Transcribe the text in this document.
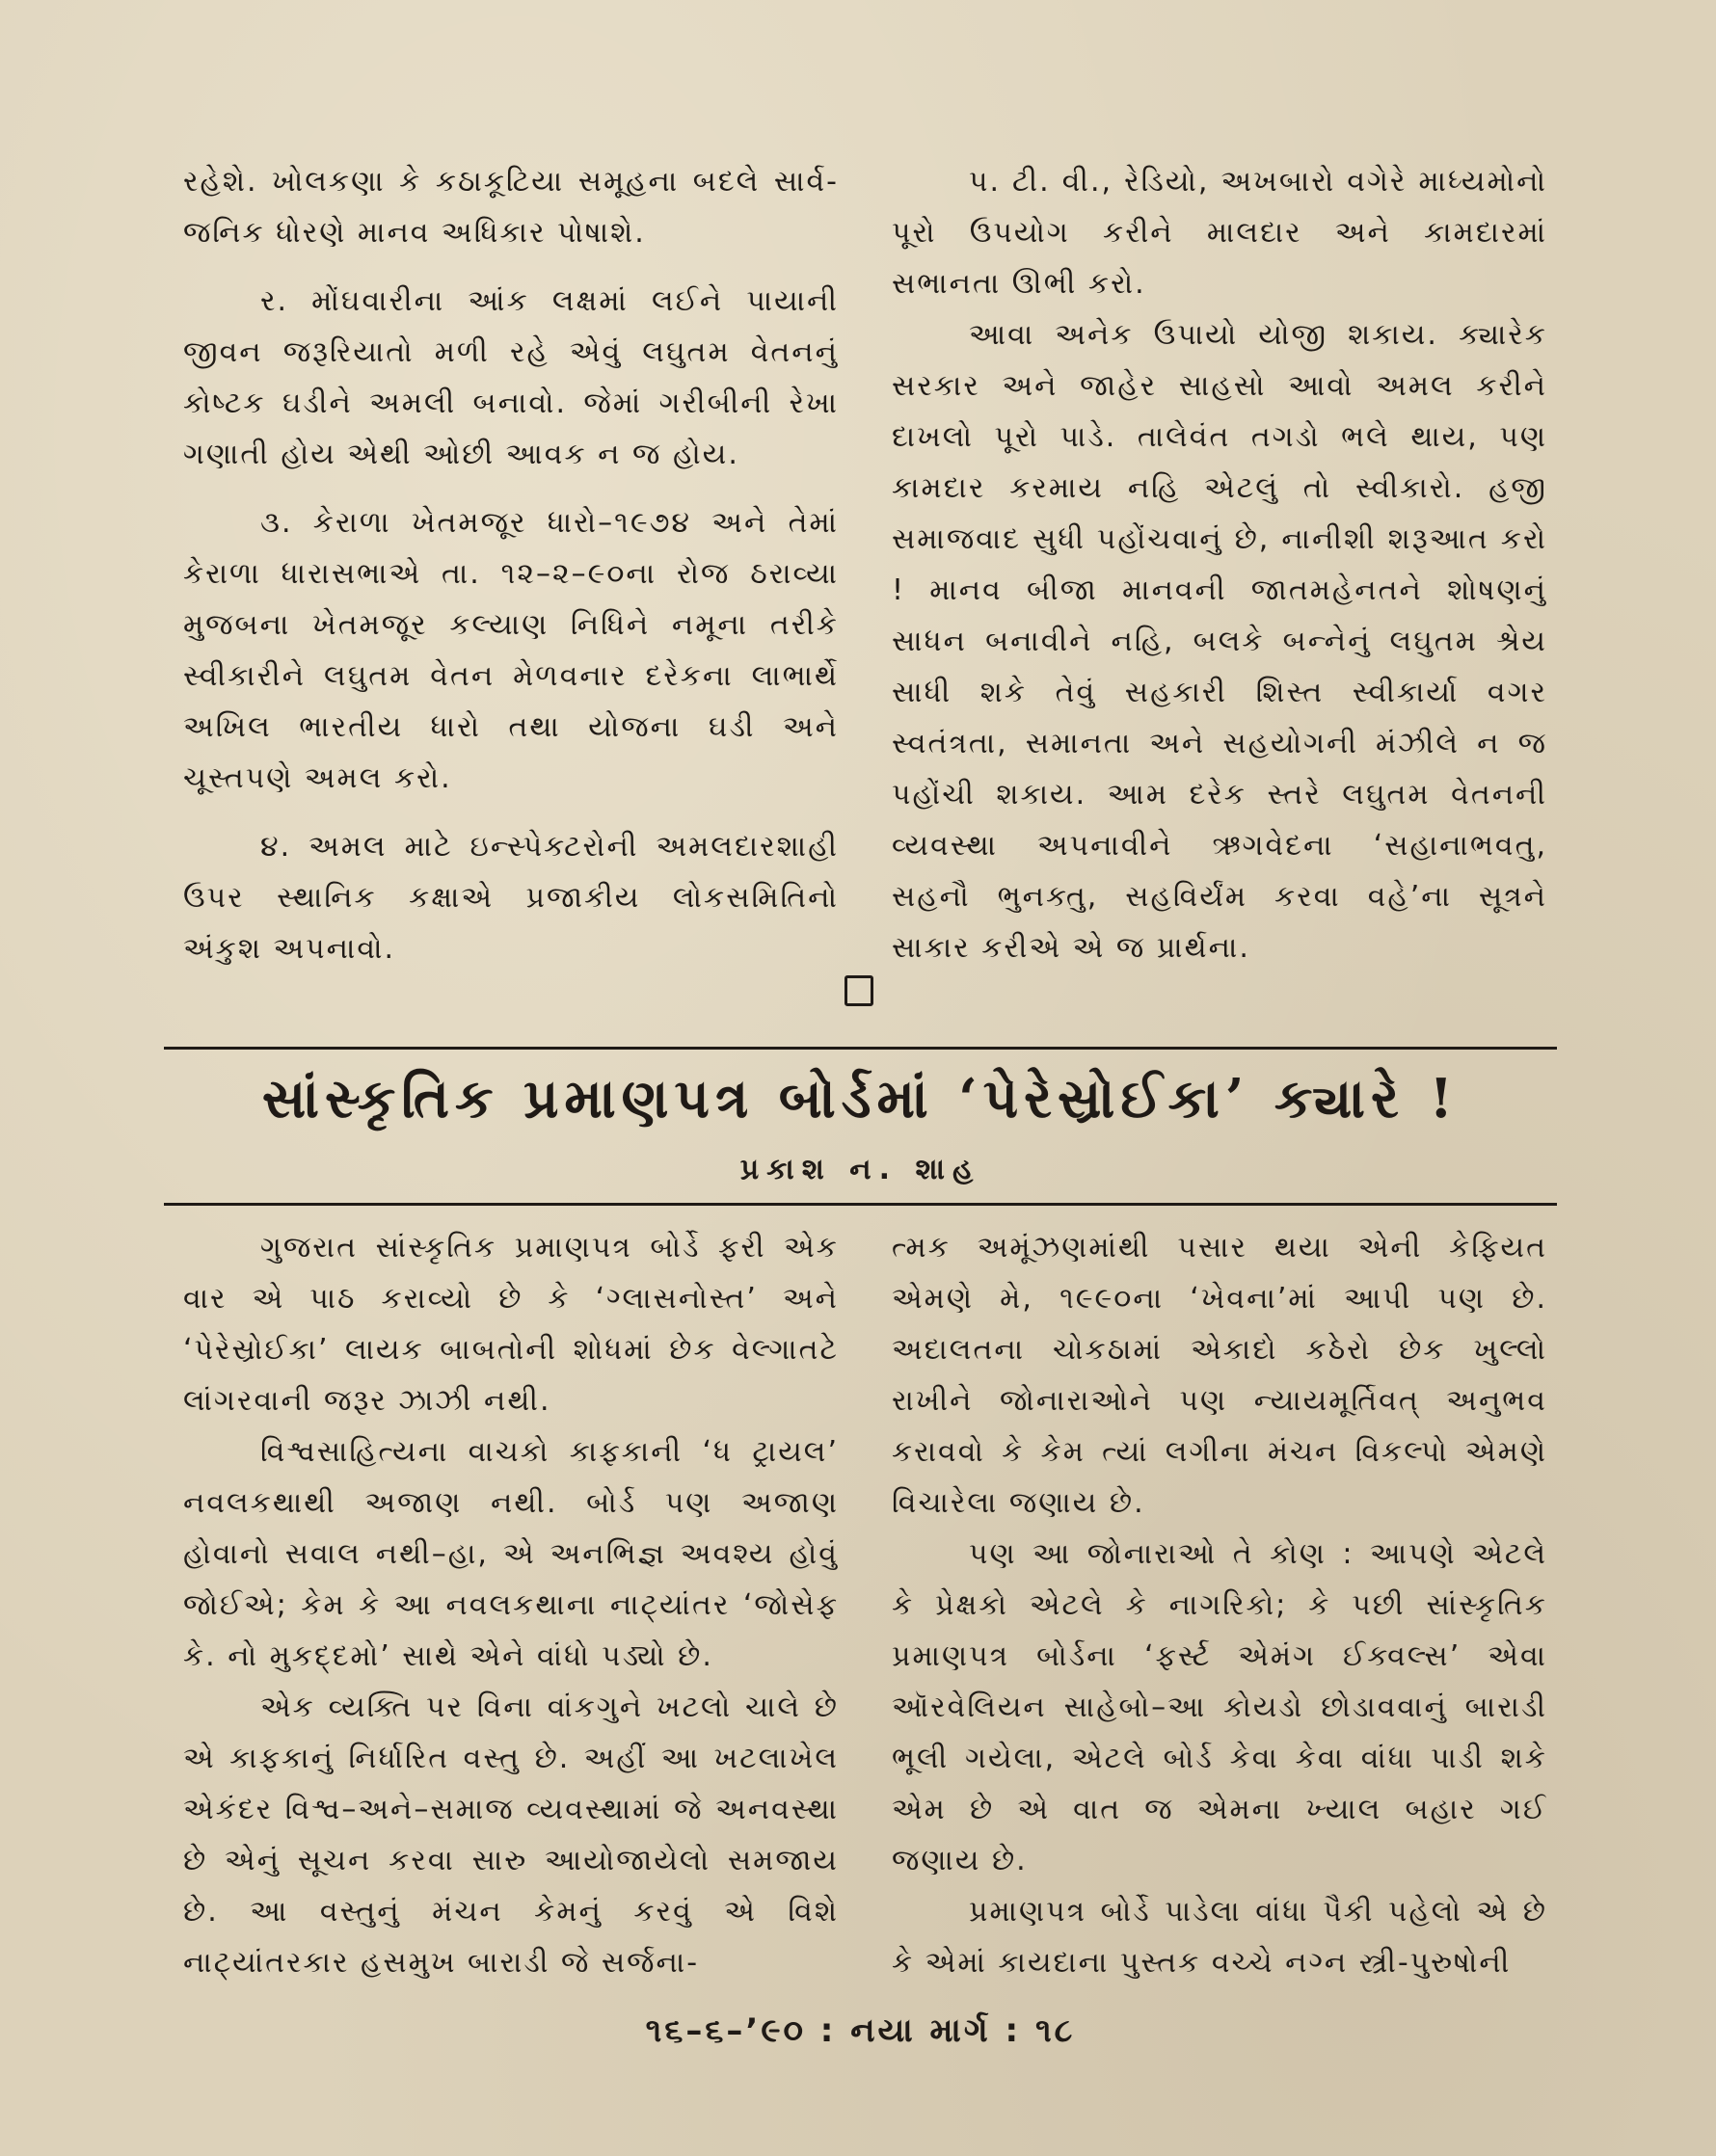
રહેશે. ખોલકણા કે કઠાકૂટિયા સમૂહના બદલે સાર્વ-જનિક ધોરણે માનવ અધિકાર પોષાશે.

ર. મોંઘવારીના આંક લક્ષમાં લઈને પાયાની જીવન જરૂરિયાતો મળી રહે એવું લઘુતમ વેતનનું કોષ્ટક ઘડીને અમલી બનાવો. જેમાં ગરીબીની રેખા ગણાતી હોય એથી ઓછી આવક ન જ હોય.

૩. કેરાળા ખેતમજૂર ધારો–૧૯૭૪ અને તેમાં કેરાળા ધારાસભાએ તા. ૧૨–૨–૯૦ના રોજ ઠરાવ્યા મુજબના ખેતમજૂર કલ્યાણ નિધિને નમૂના તરીકે સ્વીકારીને લઘુતમ વેતન મેળવનાર દરેકના લાભાર્થે અખિલ ભારતીય ધારો તથા યોજના ઘડી અને ચૂસ્તપણે અમલ કરો.

૪. અમલ માટે ઇન્સ્પેક્ટરોની અમલદારશાહી ઉપર સ્થાનિક કક્ષાએ પ્રજાકીય લોકસમિતિનો અંકુશ અપનાવો.

પ. ટી. વી., રેડિયો, અખબારો વગેરે માધ્યમોનો પૂરો ઉપયોગ કરીને માલદાર અને કામદારમાં સભાનતા ઊભી કરો.

આવા અનેક ઉપાયો યોજી શકાય. ક્યારેક સરકાર અને જાહેર સાહસો આવો અમલ કરીને દાખલો પૂરો પાડે. તાલેવંત તગડો ભલે થાય, પણ કામદાર કરમાય નહિ એટલું તો સ્વીકારો. હજી સમાજવાદ સુધી પહોંચવાનું છે, નાનીશી શરૂઆત કરો ! માનવ બીજા માનવની જાતમહેનતને શોષણનું સાધન બનાવીને નહિ, બલકે બન્નેનું લઘુતમ શ્રેય સાધી શકે તેવું સહકારી શિસ્ત સ્વીકાર્યા વગર સ્વતંત્રતા, સમાનતા અને સહયોગની મંઝીલે ન જ પહોંચી શકાય. આમ દરેક સ્તરે લઘુતમ વેતનની વ્યવસ્થા અપનાવીને ઋગવેદના ‘સહાનાભવતુ, સહનૌ ભુનક્તુ, સહવિર્યંમ કરવા વહે’ના સૂત્રને સાકાર કરીએ એ જ પ્રાર્થના.

સાંસ્કૃતિક પ્રમાણપત્ર બોર્ડમાં ‘પેરેસ્રોઈકા’ ક્યારે !
પ્રકાશ ન. શાહ

ગુજરાત સાંસ્કૃતિક પ્રમાણપત્ર બોર્ડે ફરી એક વાર એ પાઠ કરાવ્યો છે કે ‘ગ્લાસનોસ્ત’ અને ‘પેરેસ્રોઈકા’ લાયક બાબતોની શોધમાં છેક વેલ્ગાતટે લાંગરવાની જરૂર ઝાઝી નથી.

વિશ્વસાહિત્યના વાચકો કાફકાની ‘ધ ટ્રાયલ’ નવલકથાથી અજાણ નથી. બોર્ડ પણ અજાણ હોવાનો સવાલ નથી–હા, એ અનભિજ્ઞ અવશ્ય હોવું જોઈએ; કેમ કે આ નવલકથાના નાટ્યાંતર ‘જોસેફ કે. નો મુકદ્દમો’ સાથે એને વાંધો પડ્યો છે.

એક વ્યક્તિ પર વિના વાંકગુને ખટલો ચાલે છે એ કાફકાનું નિર્ધારિત વસ્તુ છે. અહીં આ ખટલાખેલ એકંદર વિશ્વ–અને–સમાજ વ્યવસ્થામાં જે અનવસ્થા છે એનું સૂચન કરવા સારુ આયોજાયેલો સમજાય છે. આ વસ્તુનું મંચન કેમનું કરવું એ વિશે નાટ્યાંતરકાર હસમુખ બારાડી જે સર્જના-

ત્મક અમૂંઝણમાંથી પસાર થયા એની કેફિયત એમણે મે, ૧૯૯૦ના ‘ખેવના’માં આપી પણ છે. અદાલતના ચોકઠામાં એકાદો કઠેરો છેક ખુલ્લો રાખીને જોનારાઓને પણ ન્યાયમૂર્તિવત્ અનુભવ કરાવવો કે કેમ ત્યાં લગીના મંચન વિકલ્પો એમણે વિચારેલા જણાય છે.

પણ આ જોનારાઓ તે કોણ : આપણે એટલે કે પ્રેક્ષકો એટલે કે નાગરિકો; કે પછી સાંસ્કૃતિક પ્રમાણપત્ર બોર્ડના ‘ફર્સ્ટ એમંગ ઈક્વલ્સ’ એવા ઑરવેલિયન સાહેબો–આ કોયડો છોડાવવાનું બારાડી ભૂલી ગયેલા, એટલે બોર્ડ કેવા કેવા વાંધા પાડી શકે એમ છે એ વાત જ એમના ખ્યાલ બહાર ગઈ જણાય છે.

પ્રમાણપત્ર બોર્ડે પાડેલા વાંધા પૈકી પહેલો એ છે કે એમાં કાયદાના પુસ્તક વચ્ચે નગ્ન સ્ત્રી-પુરુષોની

૧૬–૬–’૯૦ : નયા માર્ગ : ૧૮
